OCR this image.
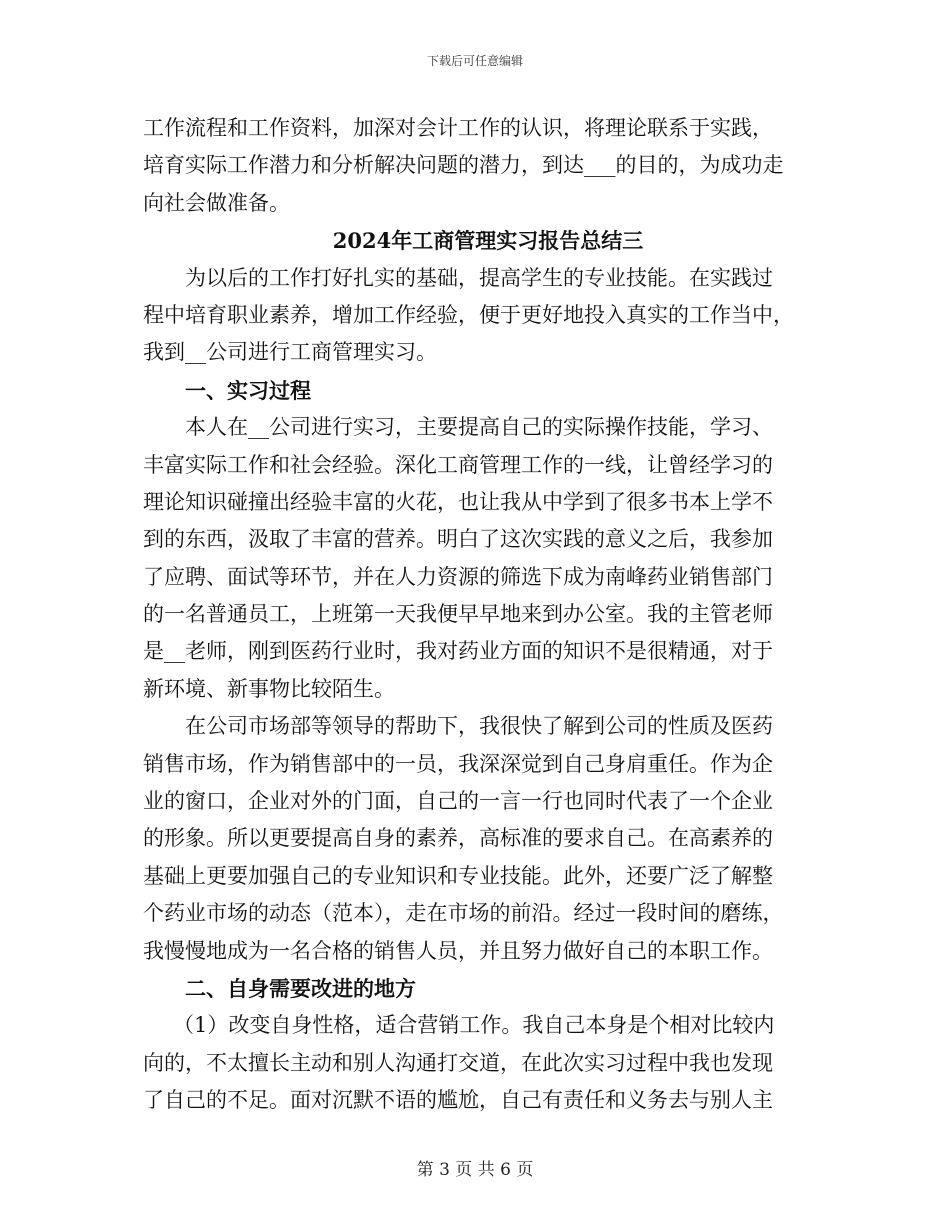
下载后可任意编辑
工作流程和工作资料，加深对会计工作的认识，将理论联系于实践，
培育实际工作潜力和分析解决问题的潜力，到达___的目的，为成功走
向社会做准备。
2024年工商管理实习报告总结三
为以后的工作打好扎实的基础，提高学生的专业技能。在实践过
程中培育职业素养，增加工作经验，便于更好地投入真实的工作当中，
我到__公司进行工商管理实习。
一、实习过程
本人在__公司进行实习，主要提高自己的实际操作技能，学习、
丰富实际工作和社会经验。深化工商管理工作的一线，让曾经学习的
理论知识碰撞出经验丰富的火花，也让我从中学到了很多书本上学不
到的东西，汲取了丰富的营养。明白了这次实践的意义之后，我参加
了应聘、面试等环节，并在人力资源的筛选下成为南峰药业销售部门
的一名普通员工，上班第一天我便早早地来到办公室。我的主管老师
是__老师，刚到医药行业时，我对药业方面的知识不是很精通，对于
新环境、新事物比较陌生。
在公司市场部等领导的帮助下，我很快了解到公司的性质及医药
销售市场，作为销售部中的一员，我深深觉到自己身肩重任。作为企
业的窗口，企业对外的门面，自己的一言一行也同时代表了一个企业
的形象。所以更要提高自身的素养，高标准的要求自己。在高素养的
基础上更要加强自己的专业知识和专业技能。此外，还要广泛了解整
个药业市场的动态（范本），走在市场的前沿。经过一段时间的磨练，
我慢慢地成为一名合格的销售人员，并且努力做好自己的本职工作。
二、自身需要改进的地方
（1）改变自身性格，适合营销工作。我自己本身是个相对比较内
向的，不太擅长主动和别人沟通打交道，在此次实习过程中我也发现
了自己的不足。面对沉默不语的尴尬，自己有责任和义务去与别人主
第 3 页 共 6 页
